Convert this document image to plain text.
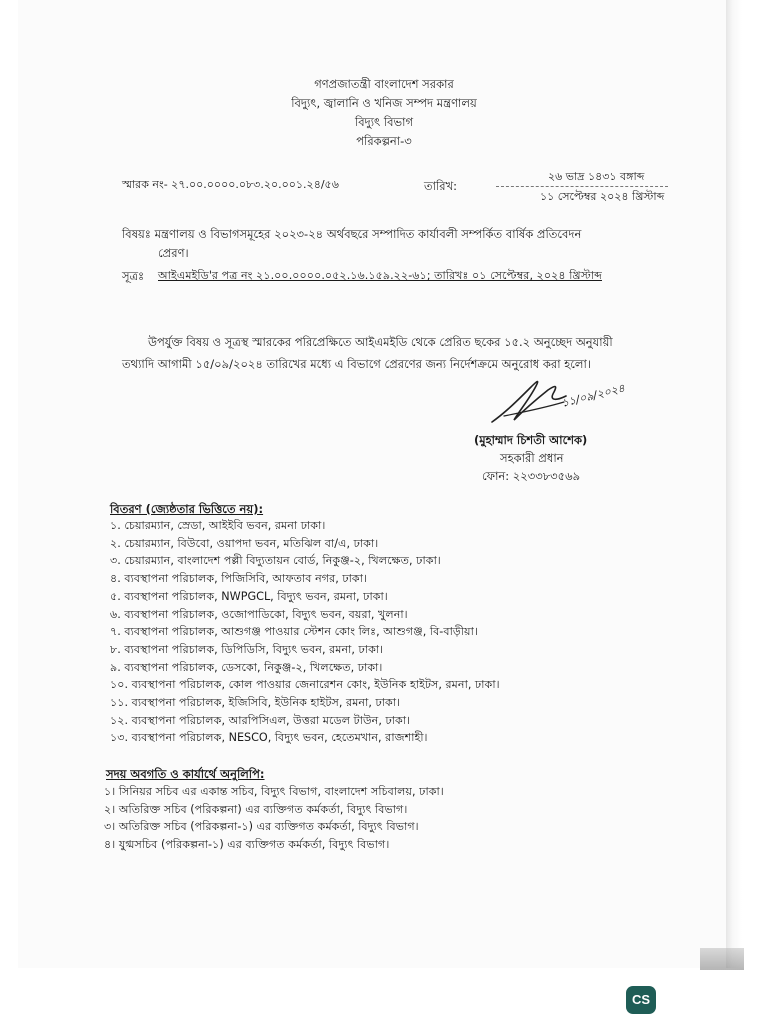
গণপ্রজাতন্ত্রী বাংলাদেশ সরকার
বিদ্যুৎ, জ্বালানি ও খনিজ সম্পদ মন্ত্রণালয়
বিদ্যুৎ বিভাগ
পরিকল্পনা-৩
স্মারক নং- ২৭.০০.০০০০.০৮৩.২০.০০১.২৪/৫৬	তারিখ:
২৬ ভাদ্র ১৪৩১ বঙ্গাব্দ
১১ সেপ্টেম্বর ২০২৪ খ্রিস্টাব্দ
বিষয়ঃ মন্ত্রণালয় ও বিভাগসমূহের ২০২৩-২৪ অর্থবছরে সম্পাদিত কার্যাবলী সম্পর্কিত বার্ষিক প্রতিবেদন
প্রেরণ।
সূত্রঃ আইএমইডি'র পত্র নং ২১.০০.০০০০.০৫২.১৬.১৫৯.২২-৬১; তারিখঃ ০১ সেপ্টেম্বর, ২০২৪ খ্রিস্টাব্দ
উপর্যুক্ত বিষয় ও সূত্রস্থ স্মারকের পরিপ্রেক্ষিতে আইএমইডি থেকে প্রেরিত ছকের ১৫.২ অনুচ্ছেদ অনুযায়ী
তথ্যাদি আগামী ১৫/০৯/২০২৪ তারিখের মধ্যে এ বিভাগে প্রেরণের জন্য নির্দেশক্রমে অনুরোধ করা হলো।
১১/০৯/২০২৪
(মুহাম্মাদ চিশতী আশেক)
সহকারী প্রধান
ফোন: ২২৩৩৮৩৫৬৯
বিতরণ (জ্যেষ্ঠতার ভিত্তিতে নয়):
১. চেয়ারম্যান, স্রেডা, আইইবি ভবন, রমনা ঢাকা।
২. চেয়ারম্যান, বিউবো, ওয়াপদা ভবন, মতিঝিল বা/এ, ঢাকা।
৩. চেয়ারম্যান, বাংলাদেশ পল্লী বিদ্যুতায়ন বোর্ড, নিকুঞ্জ-২, খিলক্ষেত, ঢাকা।
৪. ব্যবস্থাপনা পরিচালক, পিজিসিবি, আফতাব নগর, ঢাকা।
৫. ব্যবস্থাপনা পরিচালক, NWPGCL, বিদ্যুৎ ভবন, রমনা, ঢাকা।
৬. ব্যবস্থাপনা পরিচালক, ওজোপাডিকো, বিদ্যুৎ ভবন, বয়রা, খুলনা।
৭. ব্যবস্থাপনা পরিচালক, আশুগঞ্জ পাওয়ার স্টেশন কোং লিঃ, আশুগঞ্জ, বি-বাড়ীয়া।
৮. ব্যবস্থাপনা পরিচালক, ডিপিডিসি, বিদ্যুৎ ভবন, রমনা, ঢাকা।
৯. ব্যবস্থাপনা পরিচালক, ডেসকো, নিকুঞ্জ-২, খিলক্ষেত, ঢাকা।
১০. ব্যবস্থাপনা পরিচালক, কোল পাওয়ার জেনারেশন কোং, ইউনিক হাইটস, রমনা, ঢাকা।
১১. ব্যবস্থাপনা পরিচালক, ইজিসিবি, ইউনিক হাইটস, রমনা, ঢাকা।
১২. ব্যবস্থাপনা পরিচালক, আরপিসিএল, উত্তরা মডেল টাউন, ঢাকা।
১৩. ব্যবস্থাপনা পরিচালক, NESCO, বিদ্যুৎ ভবন, হেতেমখান, রাজশাহী।
সদয় অবগতি ও কার্যার্থে অনুলিপি:
১। সিনিয়র সচিব এর একান্ত সচিব, বিদ্যুৎ বিভাগ, বাংলাদেশ সচিবালয়, ঢাকা।
২। অতিরিক্ত সচিব (পরিকল্পনা) এর ব্যক্তিগত কর্মকর্তা, বিদ্যুৎ বিভাগ।
৩। অতিরিক্ত সচিব (পরিকল্পনা-১) এর ব্যক্তিগত কর্মকর্তা, বিদ্যুৎ বিভাগ।
৪। যুগ্মসচিব (পরিকল্পনা-১) এর ব্যক্তিগত কর্মকর্তা, বিদ্যুৎ বিভাগ।
CS
